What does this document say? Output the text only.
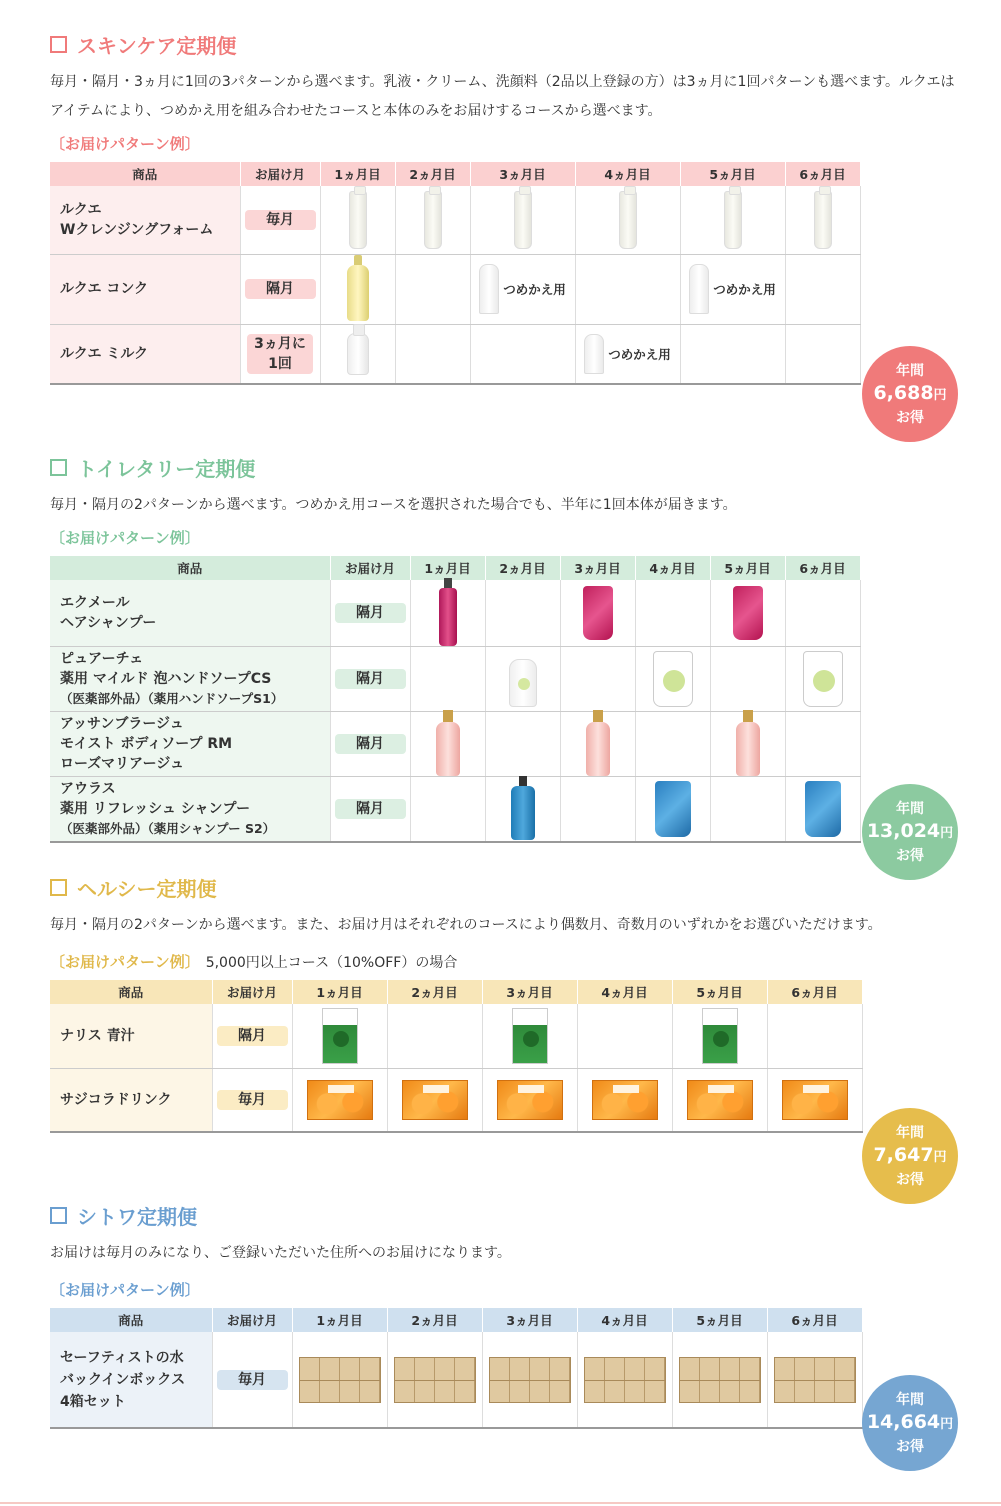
スキンケア定期便

毎月・隔月・3ヵ月に1回の3パターンから選べます。乳液・クリーム、洗顔料（2品以上登録の方）は3ヵ月に1回パターンも選べます。ルクエはアイテムにより、つめかえ用を組み合わせたコースと本体のみをお届けするコースから選べます。

〔お届けパターン例〕
商品	お届け月	1ヵ月目	2ヵ月目	3ヵ月目	4ヵ月目	5ヵ月目	6ヵ月目
ルクエ
Wクレンジングフォーム	毎月						

ルクエ コンク	隔月			つめかえ用		つめかえ用	

ルクエ ミルク	3ヵ月に1回				つめかえ用		

年間
6,688円
お得
トイレタリー定期便

毎月・隔月の2パターンから選べます。つめかえ用コースを選択された場合でも、半年に1回本体が届きます。

〔お届けパターン例〕
商品	お届け月	1ヵ月目	2ヵ月目	3ヵ月目	4ヵ月目	5ヵ月目	6ヵ月目
エクメール
ヘアシャンプー	隔月						

ピュアーチェ
薬用 マイルド 泡ハンドソープCS
（医薬部外品）（薬用ハンドソープS1）	隔月						

アッサンブラージュ
モイスト ボディソープ RM
ローズマリアージュ	隔月						

アウラス
薬用 リフレッシュ シャンプー
（医薬部外品）（薬用シャンプー S2）	隔月						

			年間
13,024円
お得
ヘルシー定期便

毎月・隔月の2パターンから選べます。また、お届け月はそれぞれのコースにより偶数月、奇数月のいずれかをお選びいただけます。

〔お届けパターン例〕 5,000円以上コース（10%OFF）の場合
商品	お届け月	1ヵ月目	2ヵ月目	3ヵ月目	4ヵ月目	5ヵ月目	6ヵ月目
ナリス 青汁	隔月						

サジコラドリンク	毎月						

年間
7,647円
お得
シトワ定期便

お届けは毎月のみになり、ご登録いただいた住所へのお届けになります。

〔お届けパターン例〕
商品	お届け月	1ヵ月目	2ヵ月目	3ヵ月目	4ヵ月目	5ヵ月目	6ヵ月目
セーフティストの水
バックインボックス
4箱セット	毎月						

年間
14,664円
お得
